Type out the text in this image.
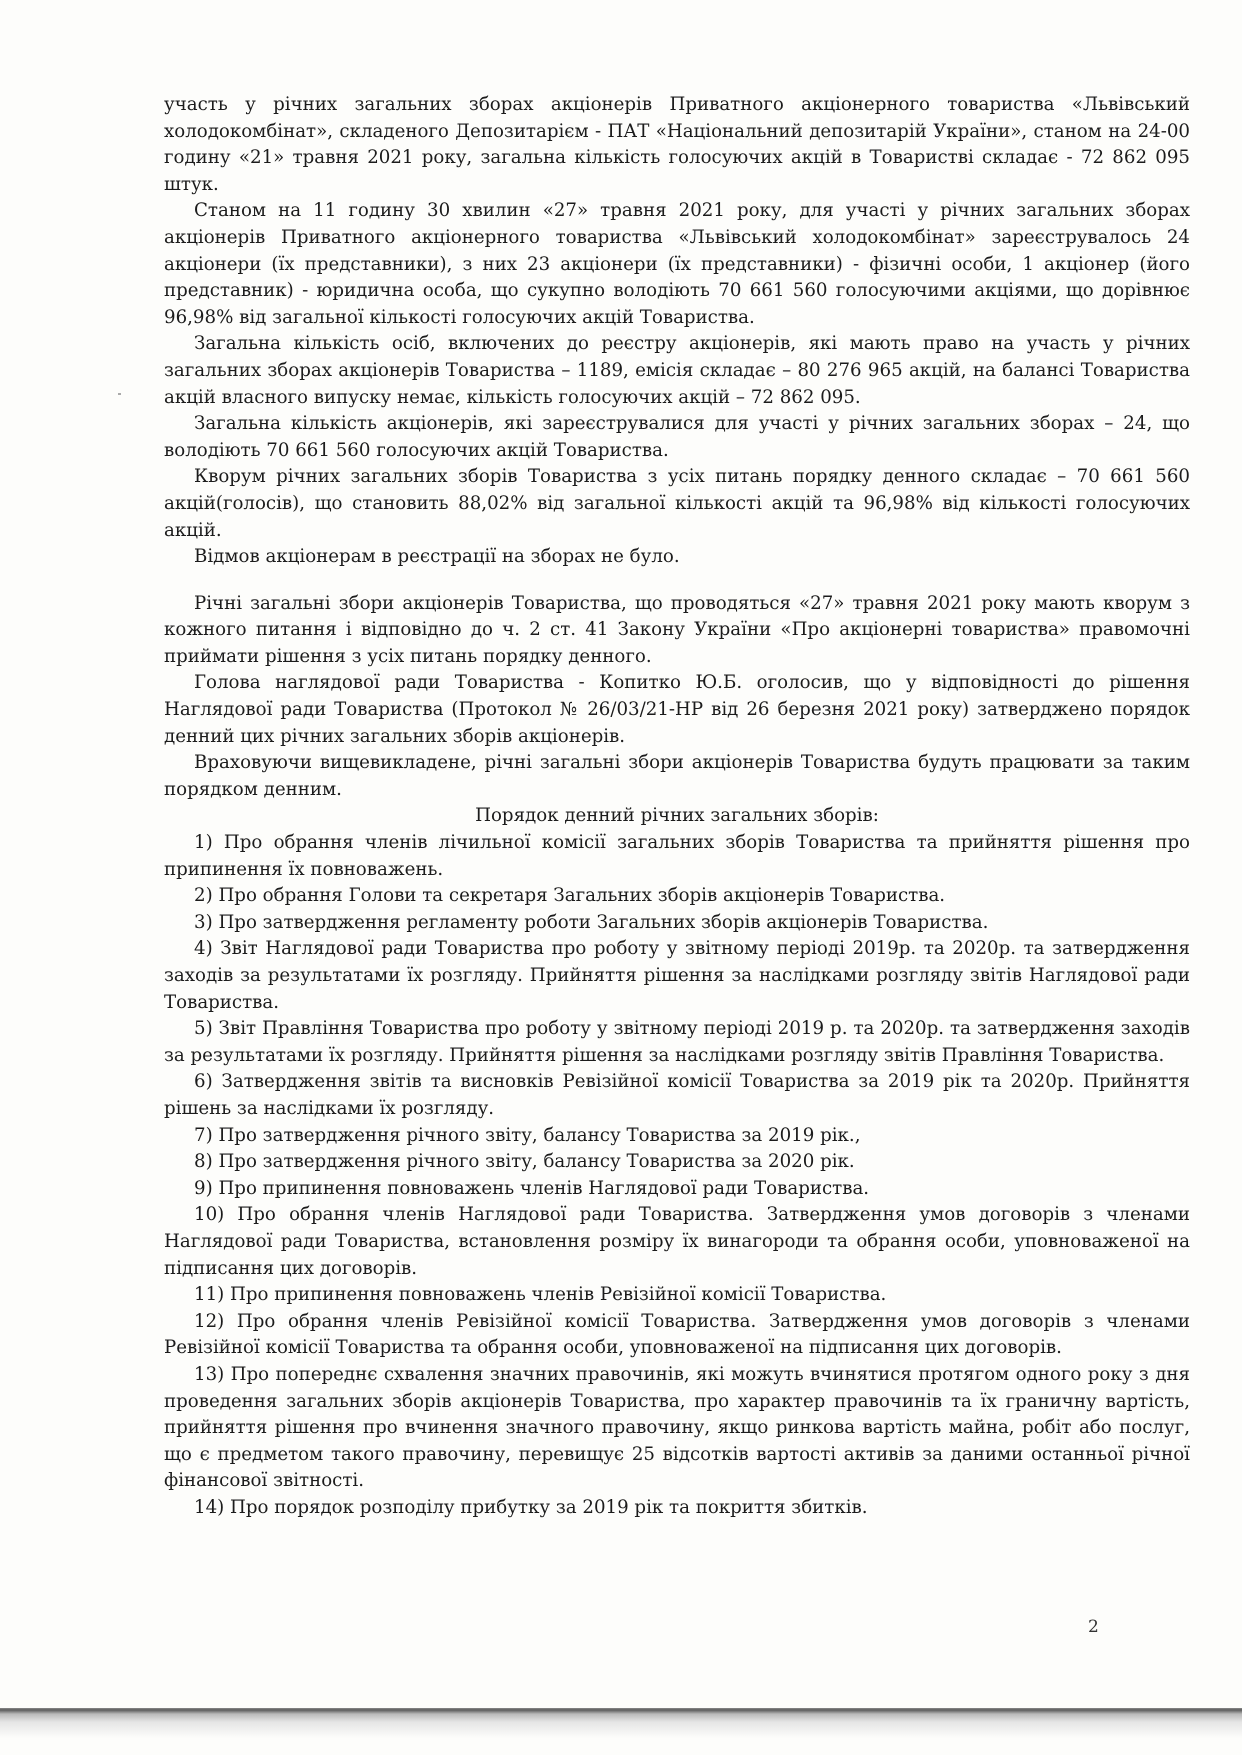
участь у річних загальних зборах акціонерів Приватного акціонерного товариства «Львівський холодокомбінат», складеного Депозитарієм - ПАТ «Національний депозитарій України», станом на 24-00 годину «21» травня 2021 року, загальна кількість голосуючих акцій в Товаристві складає - 72 862 095 штук.

Станом на 11 годину 30 хвилин «27» травня 2021 року, для участі у річних загальних зборах акціонерів Приватного акціонерного товариства «Львівський холодокомбінат» зареєструвалось 24 акціонери (їх представники), з них 23 акціонери (їх представники) - фізичні особи, 1 акціонер (його представник) - юридична особа, що сукупно володіють 70 661 560 голосуючими акціями, що дорівнює 96,98% від загальної кількості голосуючих акцій Товариства.

Загальна кількість осіб, включених до реєстру акціонерів, які мають право на участь у річних загальних зборах акціонерів Товариства – 1189, емісія складає – 80 276 965 акцій, на балансі Товариства акцій власного випуску немає, кількість голосуючих акцій – 72 862 095.

Загальна кількість акціонерів, які зареєструвалися для участі у річних загальних зборах – 24, що володіють 70 661 560 голосуючих акцій Товариства.

Кворум річних загальних зборів Товариства з усіх питань порядку денного складає – 70 661 560 акцій(голосів), що становить 88,02% від загальної кількості акцій та 96,98% від кількості голосуючих акцій.

Відмов акціонерам в реєстрації на зборах не було.

Річні загальні збори акціонерів Товариства, що проводяться «27» травня 2021 року мають кворум з кожного питання і відповідно до ч. 2 ст. 41 Закону України «Про акціонерні товариства» правомочні приймати рішення з усіх питань порядку денного.

Голова наглядової ради Товариства - Копитко Ю.Б. оголосив, що у відповідності до рішення Наглядової ради Товариства (Протокол № 26/03/21-НР від 26 березня 2021 року) затверджено порядок денний цих річних загальних зборів акціонерів.

Враховуючи вищевикладене, річні загальні збори акціонерів Товариства будуть працювати за таким порядком денним.

Порядок денний річних загальних зборів:

1) Про обрання членів лічильної комісії загальних зборів Товариства та прийняття рішення про припинення їх повноважень.

2) Про обрання Голови та секретаря Загальних зборів акціонерів Товариства.

3) Про затвердження регламенту роботи Загальних зборів акціонерів Товариства.

4) Звіт Наглядової ради Товариства про роботу у звітному періоді 2019р. та 2020р. та затвердження заходів за результатами їх розгляду. Прийняття рішення за наслідками розгляду звітів Наглядової ради Товариства.

5) Звіт Правління Товариства про роботу у звітному періоді 2019 р. та 2020р. та затвердження заходів за результатами їх розгляду. Прийняття рішення за наслідками розгляду звітів Правління Товариства.

6) Затвердження звітів та висновків Ревізійної комісії Товариства за 2019 рік та 2020р. Прийняття рішень за наслідками їх розгляду.

7) Про затвердження річного звіту, балансу Товариства за 2019 рік.,

8) Про затвердження річного звіту, балансу Товариства за 2020 рік.

9) Про припинення повноважень членів Наглядової ради Товариства.

10) Про обрання членів Наглядової ради Товариства. Затвердження умов договорів з членами Наглядової ради Товариства, встановлення розміру їх винагороди та обрання особи, уповноваженої на підписання цих договорів.

11) Про припинення повноважень членів Ревізійної комісії Товариства.

12) Про обрання членів Ревізійної комісії Товариства. Затвердження умов договорів з членами Ревізійної комісії Товариства та обрання особи, уповноваженої на підписання цих договорів.

13) Про попереднє схвалення значних правочинів, які можуть вчинятися протягом одного року з дня проведення загальних зборів акціонерів Товариства, про характер правочинів та їх граничну вартість, прийняття рішення про вчинення значного правочину, якщо ринкова вартість майна, робіт або послуг, що є предметом такого правочину, перевищує 25 відсотків вартості активів за даними останньої річної фінансової звітності.

14) Про порядок розподілу прибутку за 2019 рік та покриття збитків.

2
